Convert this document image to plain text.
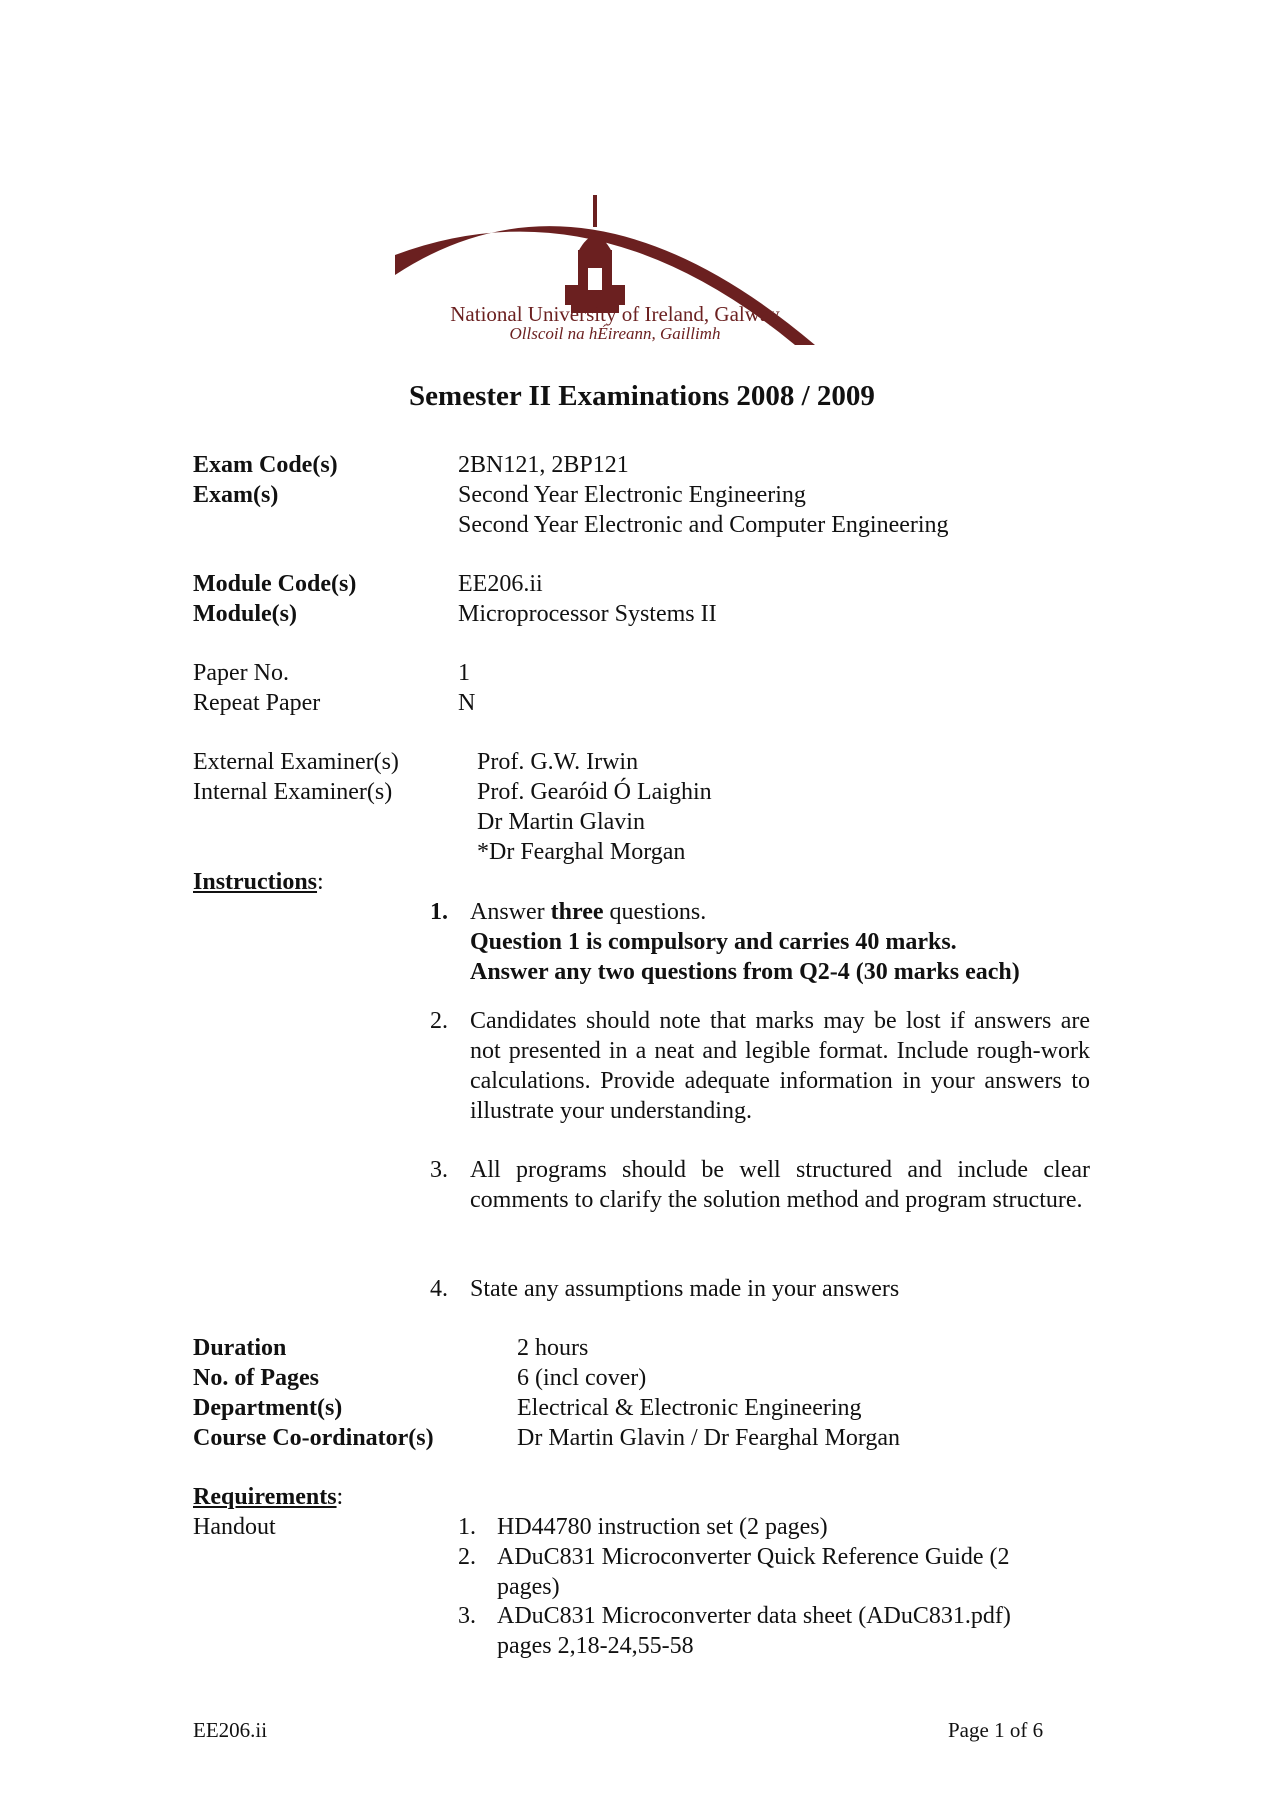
National University of Ireland, Galway
Ollscoil na hÉireann, Gaillimh
Semester II Examinations 2008 / 2009
Exam Code(s)	2BN121, 2BP121
Exam(s)	Second Year Electronic Engineering
Second Year Electronic and Computer Engineering
Module Code(s)	EE206.ii
Module(s)	Microprocessor Systems II
Paper No.	1
Repeat Paper	N
External Examiner(s)	Prof. G.W. Irwin
Internal Examiner(s)	Prof. Gearóid Ó Laighin
Dr Martin Glavin
*Dr Fearghal Morgan
Instructions:
1. Answer three questions.
Question 1 is compulsory and carries 40 marks.
Answer any two questions from Q2-4 (30 marks each)
2. Candidates should note that marks may be lost if answers are not presented in a neat and legible format. Include rough-work calculations. Provide adequate information in your answers to illustrate your understanding.
3. All programs should be well structured and include clear comments to clarify the solution method and program structure.
4. State any assumptions made in your answers
Duration	2 hours
No. of Pages	6 (incl cover)
Department(s)	Electrical & Electronic Engineering
Course Co-ordinator(s)	Dr Martin Glavin / Dr Fearghal Morgan
Requirements:
Handout	1. HD44780 instruction set (2 pages)
2. ADuC831 Microconverter Quick Reference Guide (2 pages)
3. ADuC831 Microconverter data sheet (ADuC831.pdf) pages 2,18-24,55-58
EE206.ii	Page 1 of 6
